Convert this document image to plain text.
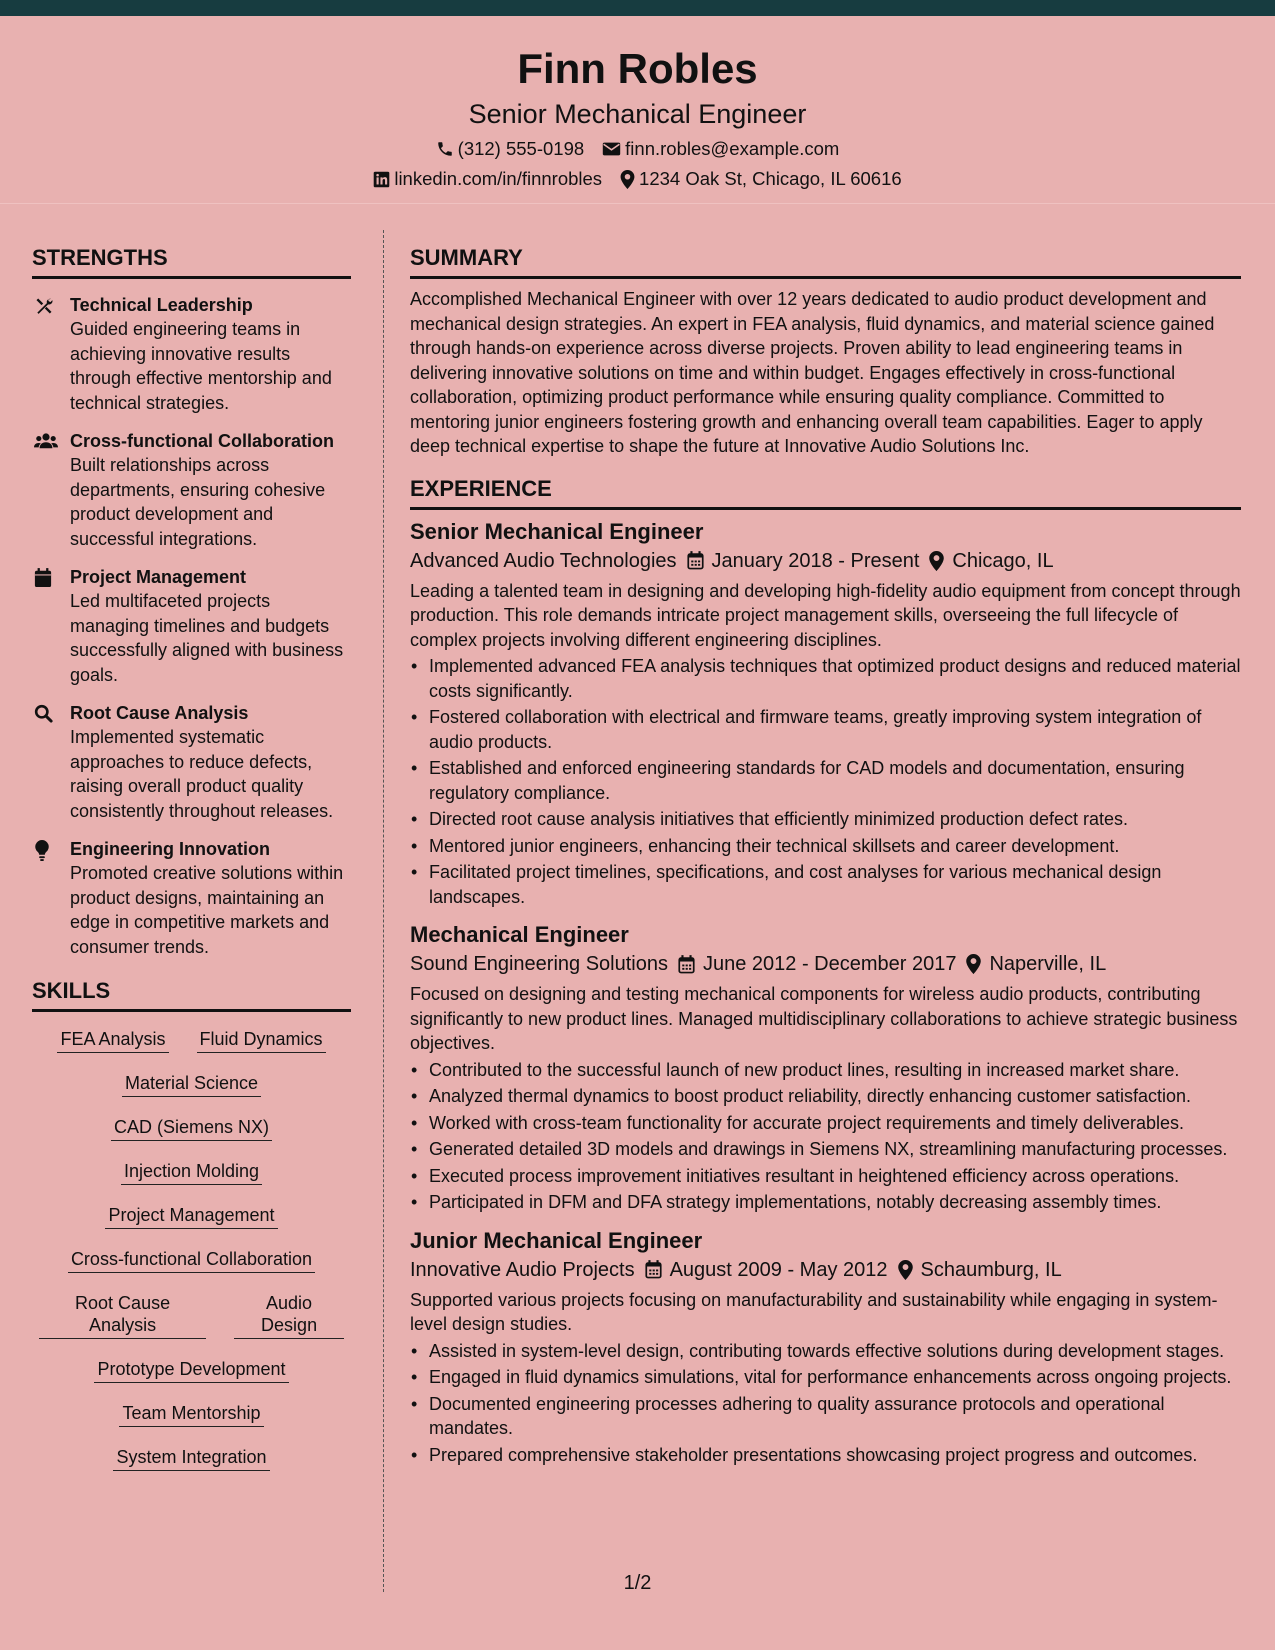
Finn Robles
Senior Mechanical Engineer
(312) 555-0198 finn.robles@example.com
linkedin.com/in/finnrobles 1234 Oak St, Chicago, IL 60616
STRENGTHS
Technical Leadership
Guided engineering teams in achieving innovative results through effective mentorship and technical strategies.
Cross-functional Collaboration
Built relationships across departments, ensuring cohesive product development and successful integrations.
Project Management
Led multifaceted projects managing timelines and budgets successfully aligned with business goals.
Root Cause Analysis
Implemented systematic approaches to reduce defects, raising overall product quality consistently throughout releases.
Engineering Innovation
Promoted creative solutions within product designs, maintaining an edge in competitive markets and consumer trends.
SKILLS
FEA Analysis Fluid Dynamics
Material Science
CAD (Siemens NX)
Injection Molding
Project Management
Cross-functional Collaboration
Root Cause Analysis
Audio Design
Prototype Development
Team Mentorship
System Integration
SUMMARY
Accomplished Mechanical Engineer with over 12 years dedicated to audio product development and mechanical design strategies. An expert in FEA analysis, fluid dynamics, and material science gained through hands-on experience across diverse projects. Proven ability to lead engineering teams in delivering innovative solutions on time and within budget. Engages effectively in cross-functional collaboration, optimizing product performance while ensuring quality compliance. Committed to mentoring junior engineers fostering growth and enhancing overall team capabilities. Eager to apply deep technical expertise to shape the future at Innovative Audio Solutions Inc.
EXPERIENCE
Senior Mechanical Engineer
Advanced Audio Technologies January 2018 - Present Chicago, IL
Leading a talented team in designing and developing high-fidelity audio equipment from concept through production. This role demands intricate project management skills, overseeing the full lifecycle of complex projects involving different engineering disciplines.
• Implemented advanced FEA analysis techniques that optimized product designs and reduced material costs significantly.
• Fostered collaboration with electrical and firmware teams, greatly improving system integration of audio products.
• Established and enforced engineering standards for CAD models and documentation, ensuring regulatory compliance.
• Directed root cause analysis initiatives that efficiently minimized production defect rates.
• Mentored junior engineers, enhancing their technical skillsets and career development.
• Facilitated project timelines, specifications, and cost analyses for various mechanical design landscapes.
Mechanical Engineer
Sound Engineering Solutions June 2012 - December 2017 Naperville, IL
Focused on designing and testing mechanical components for wireless audio products, contributing significantly to new product lines. Managed multidisciplinary collaborations to achieve strategic business objectives.
• Contributed to the successful launch of new product lines, resulting in increased market share.
• Analyzed thermal dynamics to boost product reliability, directly enhancing customer satisfaction.
• Worked with cross-team functionality for accurate project requirements and timely deliverables.
• Generated detailed 3D models and drawings in Siemens NX, streamlining manufacturing processes.
• Executed process improvement initiatives resultant in heightened efficiency across operations.
• Participated in DFM and DFA strategy implementations, notably decreasing assembly times.
Junior Mechanical Engineer
Innovative Audio Projects August 2009 - May 2012 Schaumburg, IL
Supported various projects focusing on manufacturability and sustainability while engaging in system-level design studies.
• Assisted in system-level design, contributing towards effective solutions during development stages.
• Engaged in fluid dynamics simulations, vital for performance enhancements across ongoing projects.
• Documented engineering processes adhering to quality assurance protocols and operational mandates.
• Prepared comprehensive stakeholder presentations showcasing project progress and outcomes.
1/2
